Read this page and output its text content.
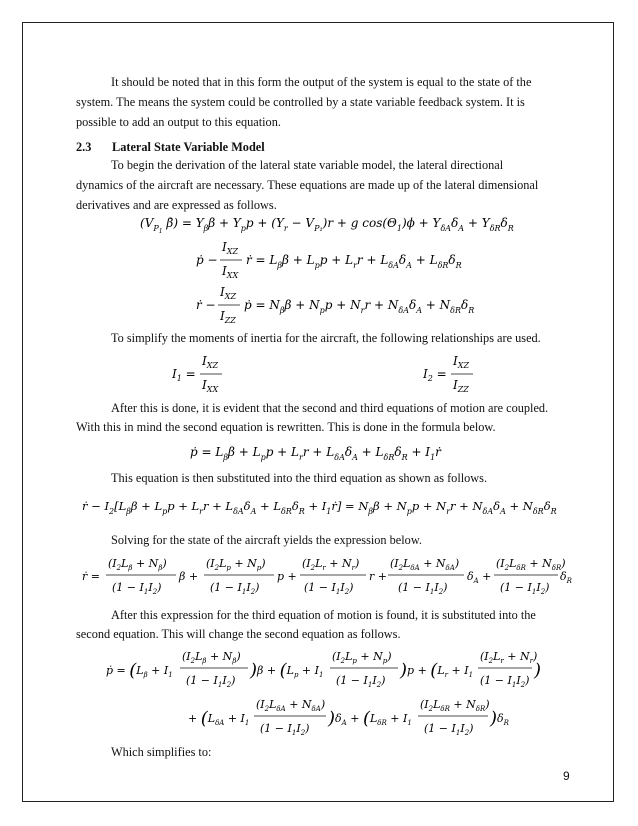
It should be noted that in this form the output of the system is equal to the state of the
system. The means the system could be controlled by a state variable feedback system. It is
possible to add an output to this equation.
2.3 Lateral State Variable Model
To begin the derivation of the lateral state variable model, the lateral directional
dynamics of the aircraft are necessary. These equations are made up of the lateral dimensional
derivatives and are expressed as follows.
($V_P1$ β̇) = $Y_\beta\beta + Y_pp + (Y_r - V_{P_1})r + g$ $\cos(\Theta_1)\phi + Y_{\delta A}\delta_A + Y_{\delta R}\delta_R$
ṗ −
$I_{XZ}$
$I_{XX}$
ṙ = $L_\beta\beta + L_pp + L_rr + L_{\delta A}\delta_A + L_{\delta R}\delta_R$
ṙ −
$I_{XZ}$
$I_{ZZ}$
ṗ = $N_\beta\beta + N_pp + N_rr + N_{\delta A}\delta_A + N_{\delta R}\delta_R$
To simplify the moments of inertia for the aircraft, the following relationships are used.
$I_1$ =
$I_{XZ}$
$I_{XX}$
$I_2$ =
$I_{XZ}$
$I_{ZZ}$
After this is done, it is evident that the second and third equations of motion are coupled.
With this in mind the second equation is rewritten. This is done in the formula below.
ṗ = $L_\beta\beta + L_pp + L_rr + L_{\delta A}\delta_A + L_{\delta R}\delta_R$ + $I_1ṙ$
This equation is then substituted into the third equation as shown as follows.
ṙ − $I_2[L_\beta\beta + L_pp + L_rr + L_{\delta A}\delta_A + L_{\delta R}\delta_R$ + $I_1ṙ] = N_\beta\beta + N_pp + N_rr + N_{\delta A}\delta_A + N_{\delta R}\delta_R$
Solving for the state of the aircraft yields the expression below.
ṙ =
$(I_2L_\beta + N_\beta)$
$(1 - I_1I_2)$
β +
$(I_2L_p + N_p)$
$(1 - I_1I_2)$
p +
$(I_2L_r + N_r)$
$(1 - I_1I_2)$
r +
$(I_2L_{\delta A} + N_{\delta A})$
$(1 - I_1I_2)$
$\delta_A$ +
$(I_2L_{\delta R} + N_{\delta R})$
$(1 - I_1I_2)$
$\delta_R$
After this expression for the third equation of motion is found, it is substituted into the
second equation. This will change the second equation as follows.
ṗ = ($L_\beta + I_1$
$(I_2L_\beta + N_\beta)$
$(1 - I_1I_2)$ )$\beta + (L_p + I_1$
$(I_2L_p + N_p)$
$(1 - I_1I_2)$ )$p + (L_r + I_1$
$(I_2L_r + N_r)$
$(1 - I_1I_2)$ )
+ ($L_{\delta A} + I_1$
$(I_2L_{\delta A} + N_{\delta A})$
$(1 - I_1I_2)$ )$\delta_A + (L_{\delta R} + I_1$
$(I_2L_{\delta R} + N_{\delta R})$
$(1 - I_1I_2)$ )$\delta_R$
Which simplifies to:
9
